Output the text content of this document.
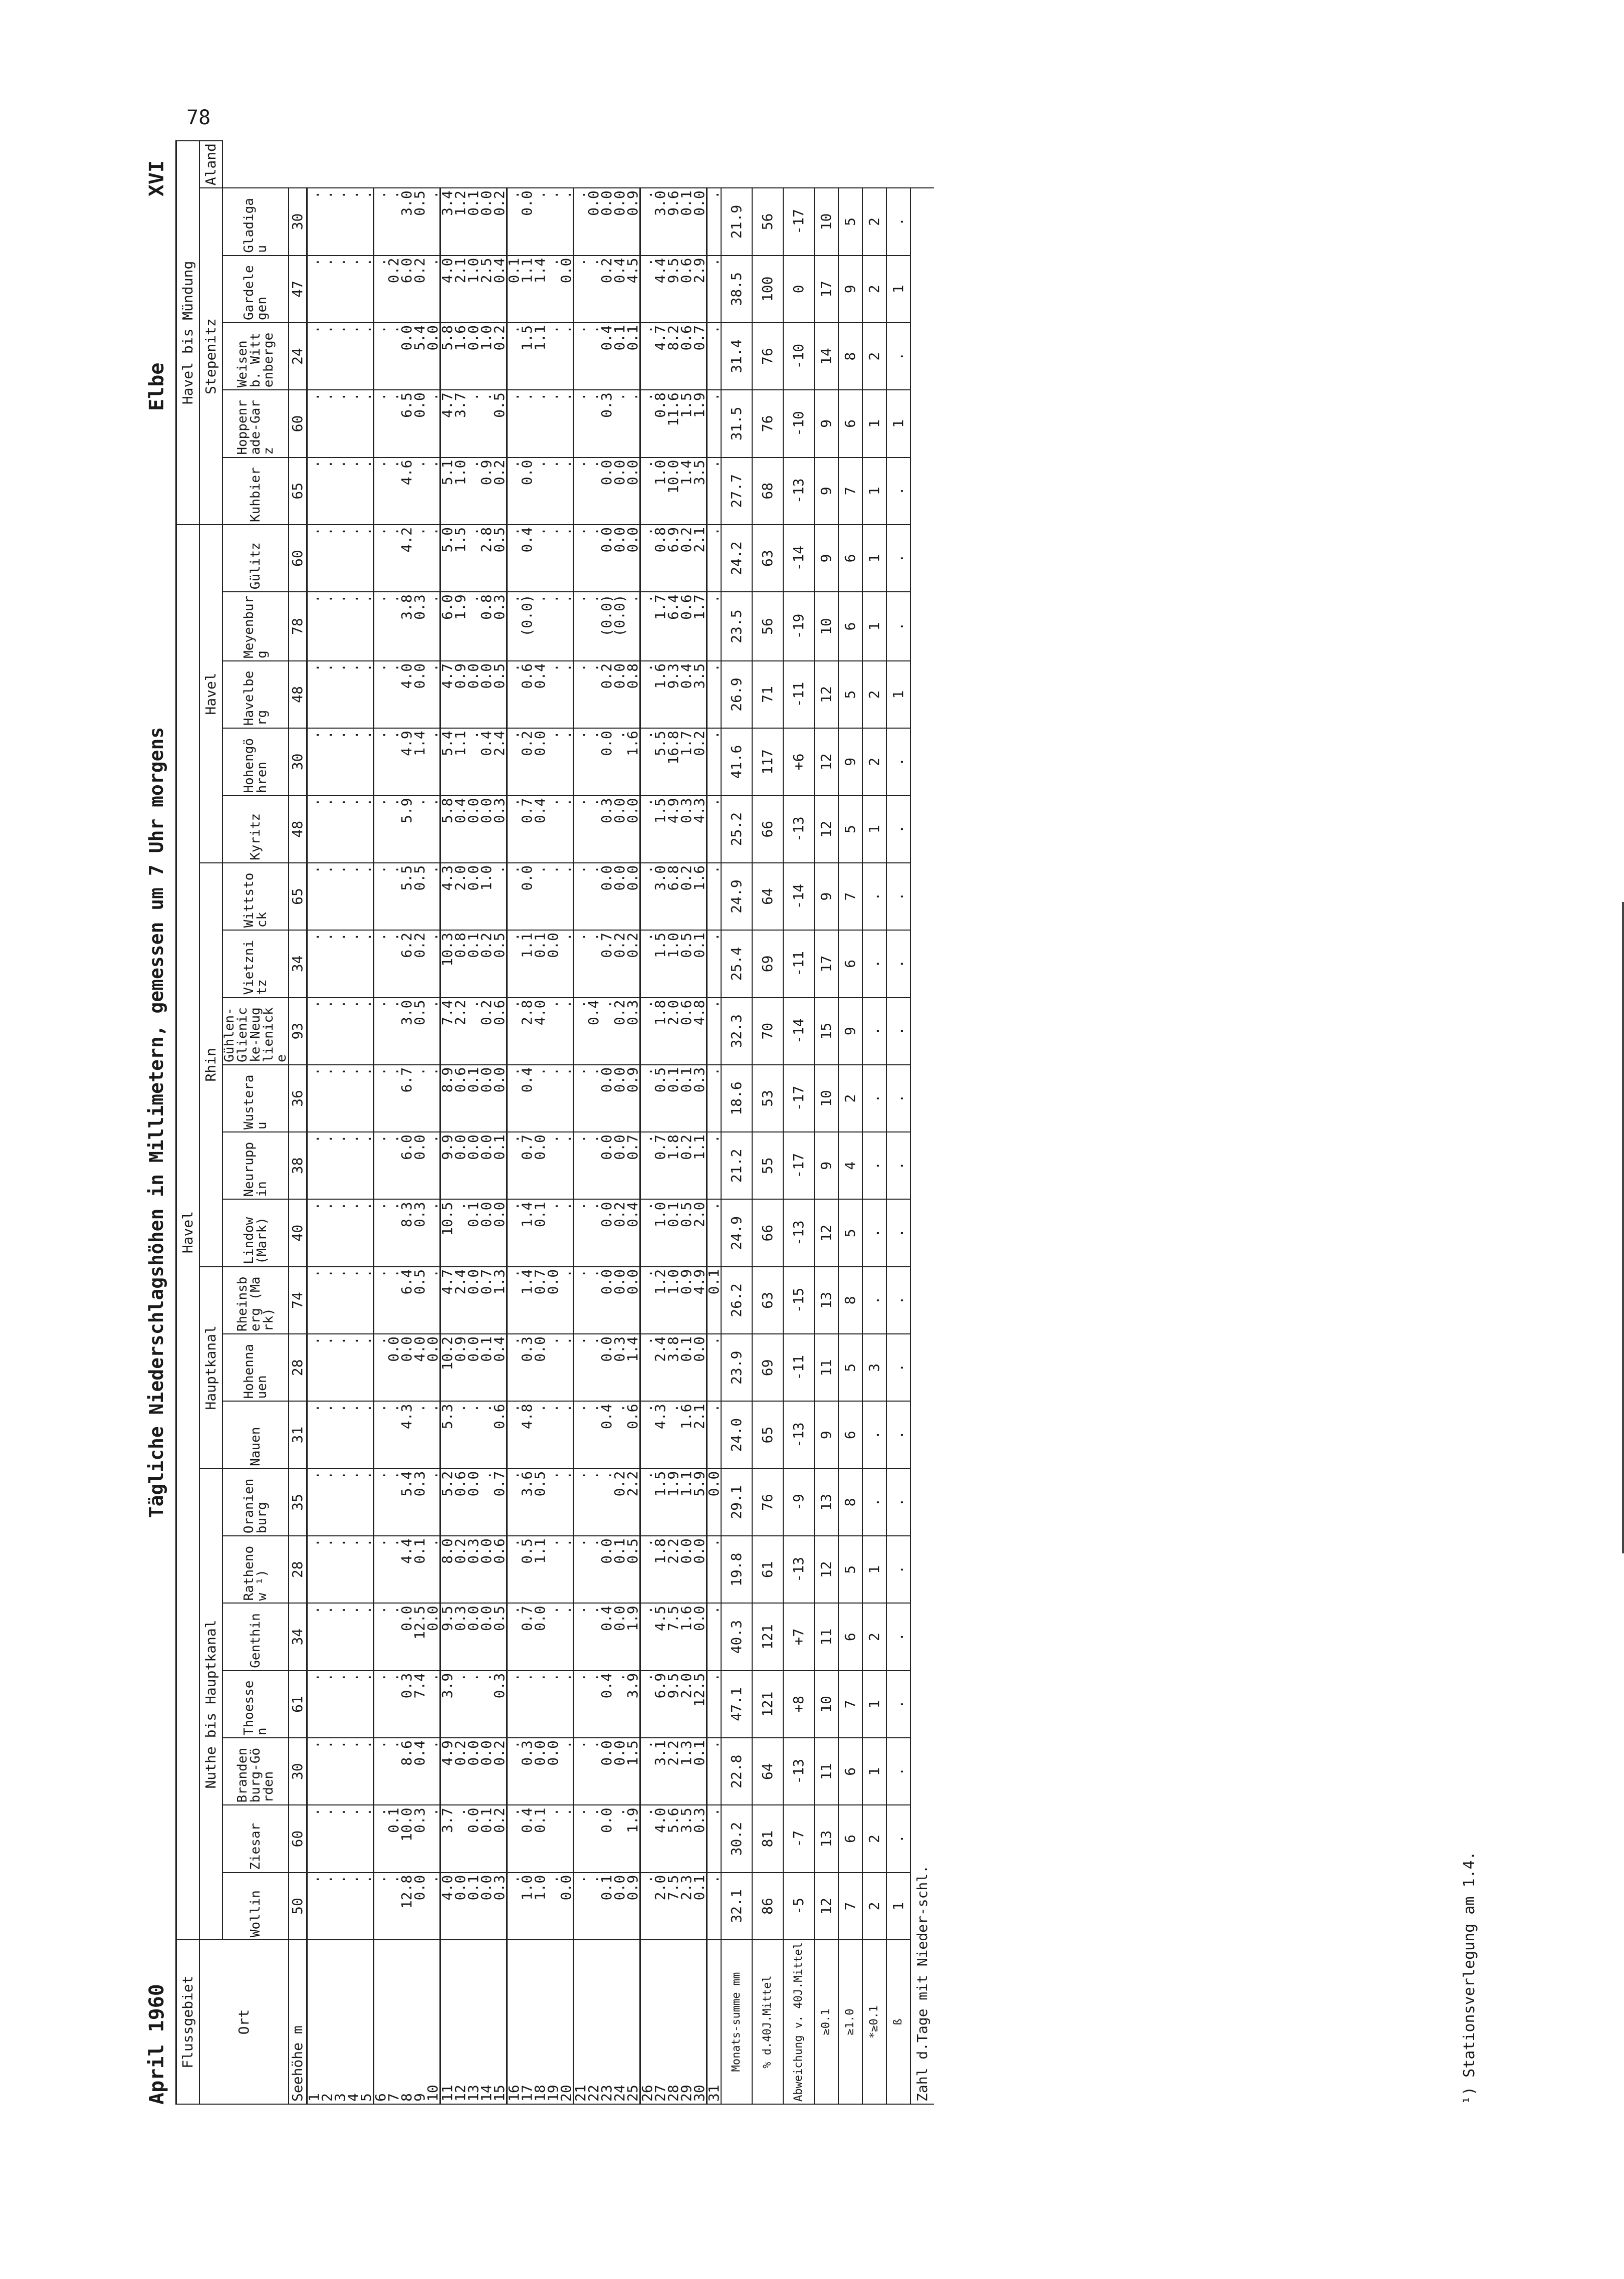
78
April 1960
Tägliche Niederschlagshöhen in Millimetern, gemessen um 7 Uhr morgens
Elbe
XVI
Flussgebiet	Havel																					Havel bis Mündung					
Ort	Nuthe bis Hauptkanal							Hauptkanal			Rhin						Havel					Stepenitz					Aland
	Wollin	Ziesar	Brandenburg-Görden	Thoessen	Genthin	Rathenow ¹)	Oranienburg	Nauen	Hohennauen	Rheinsberg (Mark)	Lindow (Mark)	Neuruppin	Wusterau	Gühlen-Glienicke-Neuglienicke	Vietznitz	Wittstock	Kyritz	Hohengöhren	Havelberg	Meyenburg	Gülitz	Kuhbier	Hoppenrade-Garz	Weisen b. Wittenberge	Gardelegen	Gladigau	
Seehöhe m	50	60	30	61	34	28	35	31	28	74	40	38	36	93	34	65	48	30	48	78	60	65	60	24	47	30	
1	.	.	.	.	.	.	.	.	.	.	.	.	.	.	.	.	.	.	.	.	.	.	.	.	.	.	
2	.	.	.	.	.	.	.	.	.	.	.	.	.	.	.	.	.	.	.	.	.	.	.	.	.	.	
3	.	.	.	.	.	.	.	.	.	.	.	.	.	.	.	.	.	.	.	.	.	.	.	.	.	.	
4	.	.	.	.	.	.	.	.	.	.	.	.	.	.	.	.	.	.	.	.	.	.	.	.	.	.	
5	.	.	.	.	.	.	.	.	.	.	.	.	.	.	.	.	.	.	.	.	.	.	.	.	.	.	
6	.	.	.	.	.	.	.	.	.	.	.	.	.	.	.	.	.	.	.	.	.	.	.	.	.	.	
7	.	0.1	.	.	.	.	.	.	0.0	.	.	.	.	.	.	.	.	.	.	.	.	.	.	.	0.2	.	
8	12.8	10.0	8.6	0.3	0.0	4.4	5.4	4.3	0.0	6.4	8.3	6.0	6.7	3.0	6.2	5.5	5.9	4.9	4.0	3.8	4.2	4.6	6.5	0.0	6.0	3.0	
9	0.0	0.3	0.4	7.4	12.5	0.1	0.3	.	4.0	0.5	0.3	0.0	.	0.5	0.2	0.5	.	1.4	0.0	0.3	.	.	0.0	5.4	0.2	0.5	
10	.	.	.	.	0.0	.	.	.	0.0	.	.	.	.	.	.	.	.	.	.	.	.	.	.	0.0	.	.	
11	4.0	3.7	4.9	3.9	9.5	8.0	5.2	5.3	10.2	4.7	10.5	9.9	8.9	7.4	10.3	4.3	5.8	5.4	4.7	6.0	5.0	5.1	4.7	5.8	4.0	3.4	
12	0.0	.	0.2	.	0.3	0.2	0.6	.	0.9	2.4	.	0.0	0.6	2.2	0.8	2.0	0.4	1.1	0.9	1.9	1.5	1.0	3.7	1.6	2.1	1.2	
13	0.1	0.0	0.0	.	0.0	0.3	0.0	.	0.0	0.0	0.1	0.0	0.1	.	0.1	0.0	0.0	.	0.0	.	.	.	.	0.0	1.0	0.1	
14	0.0	0.1	0.0	.	0.0	0.0	.	.	0.1	0.7	0.0	0.0	0.0	0.2	0.2	1.0	0.0	0.4	0.0	0.8	2.8	0.9	.	1.0	2.5	0.0	
15	0.3	0.2	0.2	0.3	0.5	0.6	0.7	0.6	0.4	1.3	0.0	0.1	0.0	0.6	0.5	.	0.3	2.4	0.5	0.3	0.5	0.2	0.5	0.2	0.4	0.2	
16	.	.	.	.	.	.	.	.	.	.	.	.	.	.	.	.	.	.	.	.	.	.	.	.	0.1	.	
17	1.0	0.4	0.3	.	0.7	0.5	3.6	4.8	0.3	1.4	1.4	0.7	0.4	2.8	1.1	0.0	0.7	0.2	0.6	(0.0)	0.4	0.0	.	1.5	1.1	0.0	
18	1.0	0.1	0.0	.	0.0	1.1	0.5	.	0.0	0.7	0.1	0.0	.	4.0	0.1	.	0.4	0.0	0.4	.	.	.	.	1.1	1.4	.	
19	.	.	0.0	.	.	.	.	.	.	0.0	.	.	.	.	0.0	.	.	.	.	.	.	.	.	.	.	.	
20	0.0	.	.	.	.	.	.	.	.	.	.	.	.	.	.	.	.	.	.	.	.	.	.	.	0.0	.	
21	.	.	.	.	.	.	.	.	.	.	.	.	.	.	.	.	.	.	.	.	.	.	.	.	.	.	
22	.	.	.	.	.	.	.	.	.	.	.	.	.	0.4	.	.	.	.	.	.	.	.	.	.	.	0.0	
23	0.1	0.0	0.0	0.4	0.4	0.0	.	0.4	0.0	0.0	0.0	0.0	0.0	.	0.7	0.0	0.3	0.0	0.2	(0.0)	0.0	0.0	0.3	0.4	0.2	0.0	
24	0.0	.	0.0	.	0.0	0.1	0.2	.	0.3	0.0	0.2	0.0	0.0	0.2	0.2	0.0	0.0	.	0.0	(0.0)	0.0	0.0	.	0.1	0.4	0.0	
25	0.9	1.9	1.5	3.9	1.9	0.5	2.2	0.6	1.4	0.0	0.4	0.7	0.9	0.3	0.2	0.0	0.0	1.6	0.8	.	0.0	0.0	.	0.1	4.5	0.9	
26	.	.	.	.	.	.	.	.	.	.	.	.	.	.	.	.	.	.	.	.	.	.	.	.	.	.	
27	2.0	4.0	3.1	6.9	4.5	1.8	1.5	4.3	2.4	1.2	1.0	0.7	0.5	1.8	1.5	3.0	1.5	5.5	1.6	1.7	0.8	1.0	0.8	4.7	4.4	3.0	
28	7.5	5.6	2.2	9.5	7.5	2.2	1.9	.	3.8	1.0	0.1	1.8	0.1	2.0	1.0	6.8	4.9	16.8	9.3	6.4	6.9	10.0	11.6	8.2	9.5	9.6	
29	2.3	3.5	1.3	2.0	1.6	0.0	1.1	1.6	0.1	0.9	0.5	0.2	0.1	0.6	0.5	0.2	0.3	1.7	0.4	0.6	0.2	1.4	1.5	0.6	0.6	0.1	
30	0.1	0.3	0.1	12.5	0.0	0.0	5.9	2.1	0.0	4.9	2.0	1.1	0.3	4.8	0.1	1.6	4.3	0.2	3.5	1.7	2.1	3.5	1.9	0.7	2.9	0.0	
31	.	.	.	.	.	.	0.0	.	.	0.1	.	.	.	.	.	.	.	.	.	.	.	.	.	.	.	.	
Monats-summe mm	32.1	30.2	22.8	47.1	40.3	19.8	29.1	24.0	23.9	26.2	24.9	21.2	18.6	32.3	25.4	24.9	25.2	41.6	26.9	23.5	24.2	27.7	31.5	31.4	38.5	21.9	
% d.40J.Mittel	86	81	64	121	121	61	76	65	69	63	66	55	53	70	69	64	66	117	71	56	63	68	76	76	100	56	
Abweichung v. 40J.Mittel	-5	-7	-13	+8	+7	-13	-9	-13	-11	-15	-13	-17	-17	-14	-11	-14	-13	+6	-11	-19	-14	-13	-10	-10	0	-17	
≥0.1	12	13	11	10	11	12	13	9	11	13	12	9	10	15	17	9	12	12	12	10	9	9	9	14	17	10	
≥1.0	7	6	6	7	6	5	8	6	5	8	5	4	2	9	6	7	5	9	5	6	6	7	6	8	9	5	
*≥0.1	2	2	1	1	2	1	.	.	3	.	.	.	.	.	.	.	1	2	2	1	1	1	1	2	2	2	
ß	1	.	.	.	.	.	.	.	.	.	.	.	.	.	.	.	.	.	1	.	.	.	1	.	1	.	
Zahl d.Tage mit Nieder-schl.																												¹) Stationsverlegung am 1.4.
